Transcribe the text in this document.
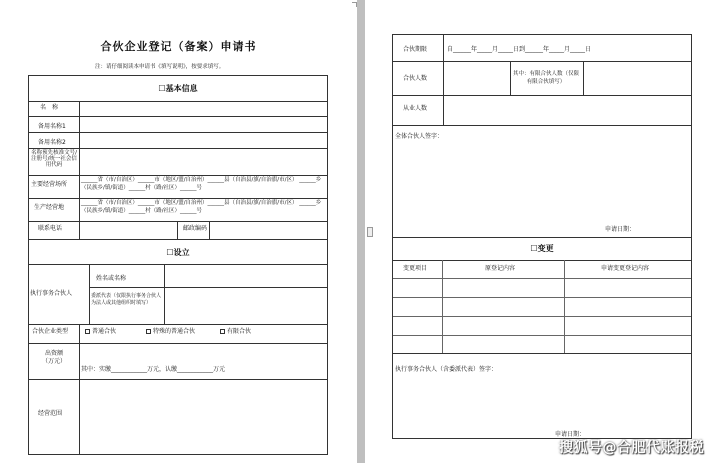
合伙企业登记（备案）申请书
注：请仔细阅读本申请书《填写说明》，按要求填写。
☐基本信息
名　称
备用名称1
备用名称2
名称预先核准文号/注册号/统一社会信用代码
主要经营场所
______省（市/自治区）______市（地区/盟/自治州）______县（自治县/旗/自治旗/市/区） ______乡（民族乡/镇/街道）______村（路/社区）______号
生产经营地
______省（市/自治区）______市（地区/盟/自治州）______县（自治县/旗/自治旗/市/区） ______乡（民族乡/镇/街道）______村（路/社区）______号
联系电话	邮政编码
☐设立
执行事务合伙人
姓名或名称
委派代表（仅限执行事务合伙人为法人或其他组织时填写）
合伙企业类型	普通合伙	特殊的普通合伙	有限合伙
出资额（万元）
其中：实缴____________万元，认缴____________万元
经营范围
合伙期限	自______年_____月_____日到______年_____月_____日
合伙人数
其中：有限合伙人数（仅限有限合伙填写）
从业人数
全体合伙人签字：
申请日期：
☐变更
变更项目	原登记内容	申请变更登记内容
执行事务合伙人（含委派代表）签字：
申请日期：
搜狐号@合肥代账报税
